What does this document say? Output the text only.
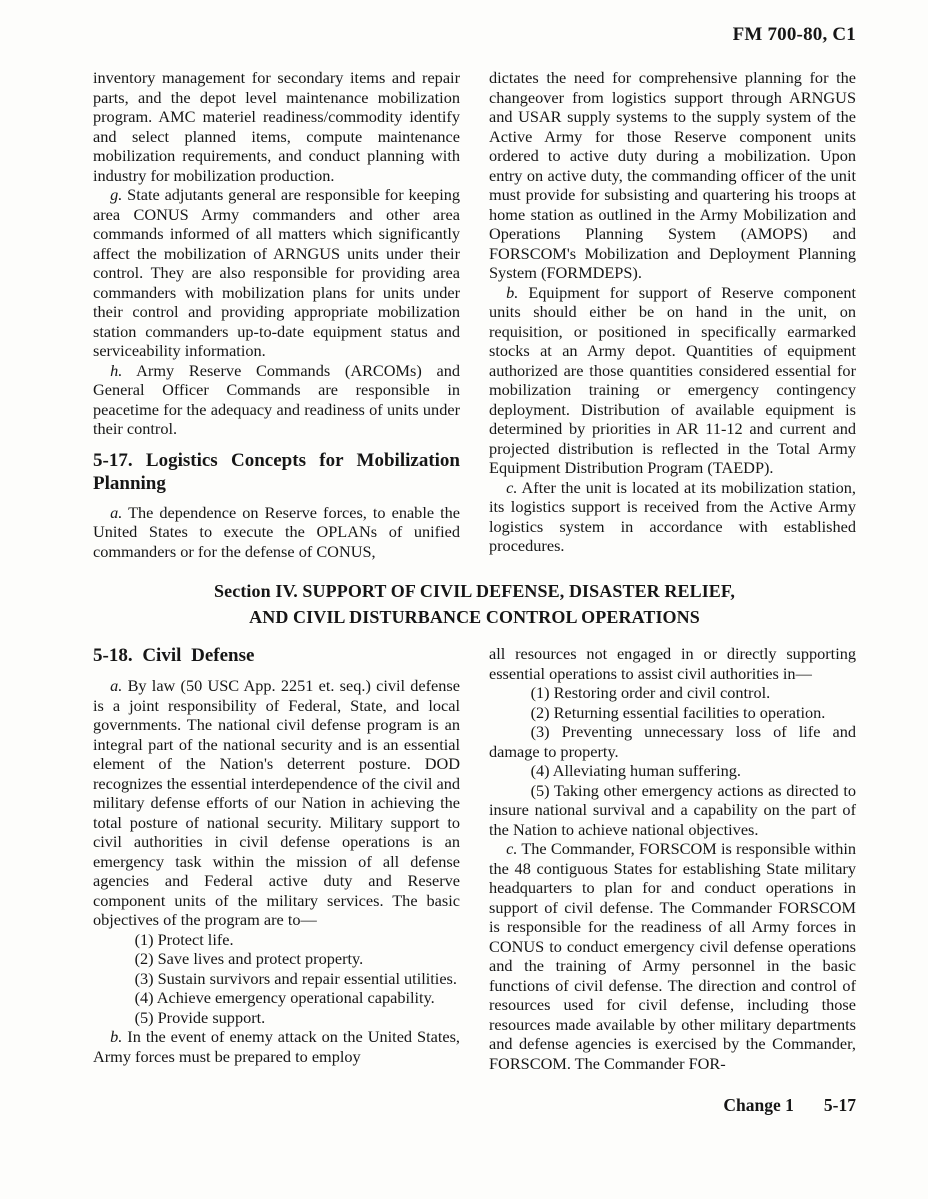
FM 700-80, C1

inventory management for secondary items and repair parts, and the depot level maintenance mobilization program. AMC materiel readiness/commodity identify and select planned items, compute maintenance mobilization requirements, and conduct planning with industry for mobilization production.

g. State adjutants general are responsible for keeping area CONUS Army commanders and other area commands informed of all matters which significantly affect the mobilization of ARNGUS units under their control. They are also responsible for providing area commanders with mobilization plans for units under their control and providing appropriate mobilization station commanders up-to-date equipment status and serviceability information.

h. Army Reserve Commands (ARCOMs) and General Officer Commands are responsible in peacetime for the adequacy and readiness of units under their control.

5-17. Logistics Concepts for Mobilization Planning

a. The dependence on Reserve forces, to enable the United States to execute the OPLANs of unified commanders or for the defense of CONUS,

dictates the need for comprehensive planning for the changeover from logistics support through ARNGUS and USAR supply systems to the supply system of the Active Army for those Reserve component units ordered to active duty during a mobilization. Upon entry on active duty, the commanding officer of the unit must provide for subsisting and quartering his troops at home station as outlined in the Army Mobilization and Operations Planning System (AMOPS) and FORSCOM's Mobilization and Deployment Planning System (FORMDEPS).

b. Equipment for support of Reserve component units should either be on hand in the unit, on requisition, or positioned in specifically earmarked stocks at an Army depot. Quantities of equipment authorized are those quantities considered essential for mobilization training or emergency contingency deployment. Distribution of available equipment is determined by priorities in AR 11-12 and current and projected distribution is reflected in the Total Army Equipment Distribution Program (TAEDP).

c. After the unit is located at its mobilization station, its logistics support is received from the Active Army logistics system in accordance with established procedures.

Section IV. SUPPORT OF CIVIL DEFENSE, DISASTER RELIEF,
AND CIVIL DISTURBANCE CONTROL OPERATIONS
5-18. Civil Defense

a. By law (50 USC App. 2251 et. seq.) civil defense is a joint responsibility of Federal, State, and local governments. The national civil defense program is an integral part of the national security and is an essential element of the Nation's deterrent posture. DOD recognizes the essential interdependence of the civil and military defense efforts of our Nation in achieving the total posture of national security. Military support to civil authorities in civil defense operations is an emergency task within the mission of all defense agencies and Federal active duty and Reserve component units of the military services. The basic objectives of the program are to—

(1) Protect life.

(2) Save lives and protect property.

(3) Sustain survivors and repair essential utilities.

(4) Achieve emergency operational capability.

(5) Provide support.

b. In the event of enemy attack on the United States, Army forces must be prepared to employ

all resources not engaged in or directly supporting essential operations to assist civil authorities in—

(1) Restoring order and civil control.

(2) Returning essential facilities to operation.

(3) Preventing unnecessary loss of life and damage to property.

(4) Alleviating human suffering.

(5) Taking other emergency actions as directed to insure national survival and a capability on the part of the Nation to achieve national objectives.

c. The Commander, FORSCOM is responsible within the 48 contiguous States for establishing State military headquarters to plan for and conduct operations in support of civil defense. The Commander FORSCOM is responsible for the readiness of all Army forces in CONUS to conduct emergency civil defense operations and the training of Army personnel in the basic functions of civil defense. The direction and control of resources used for civil defense, including those resources made available by other military departments and defense agencies is exercised by the Commander, FORSCOM. The Commander FOR-

Change 1 5-17
